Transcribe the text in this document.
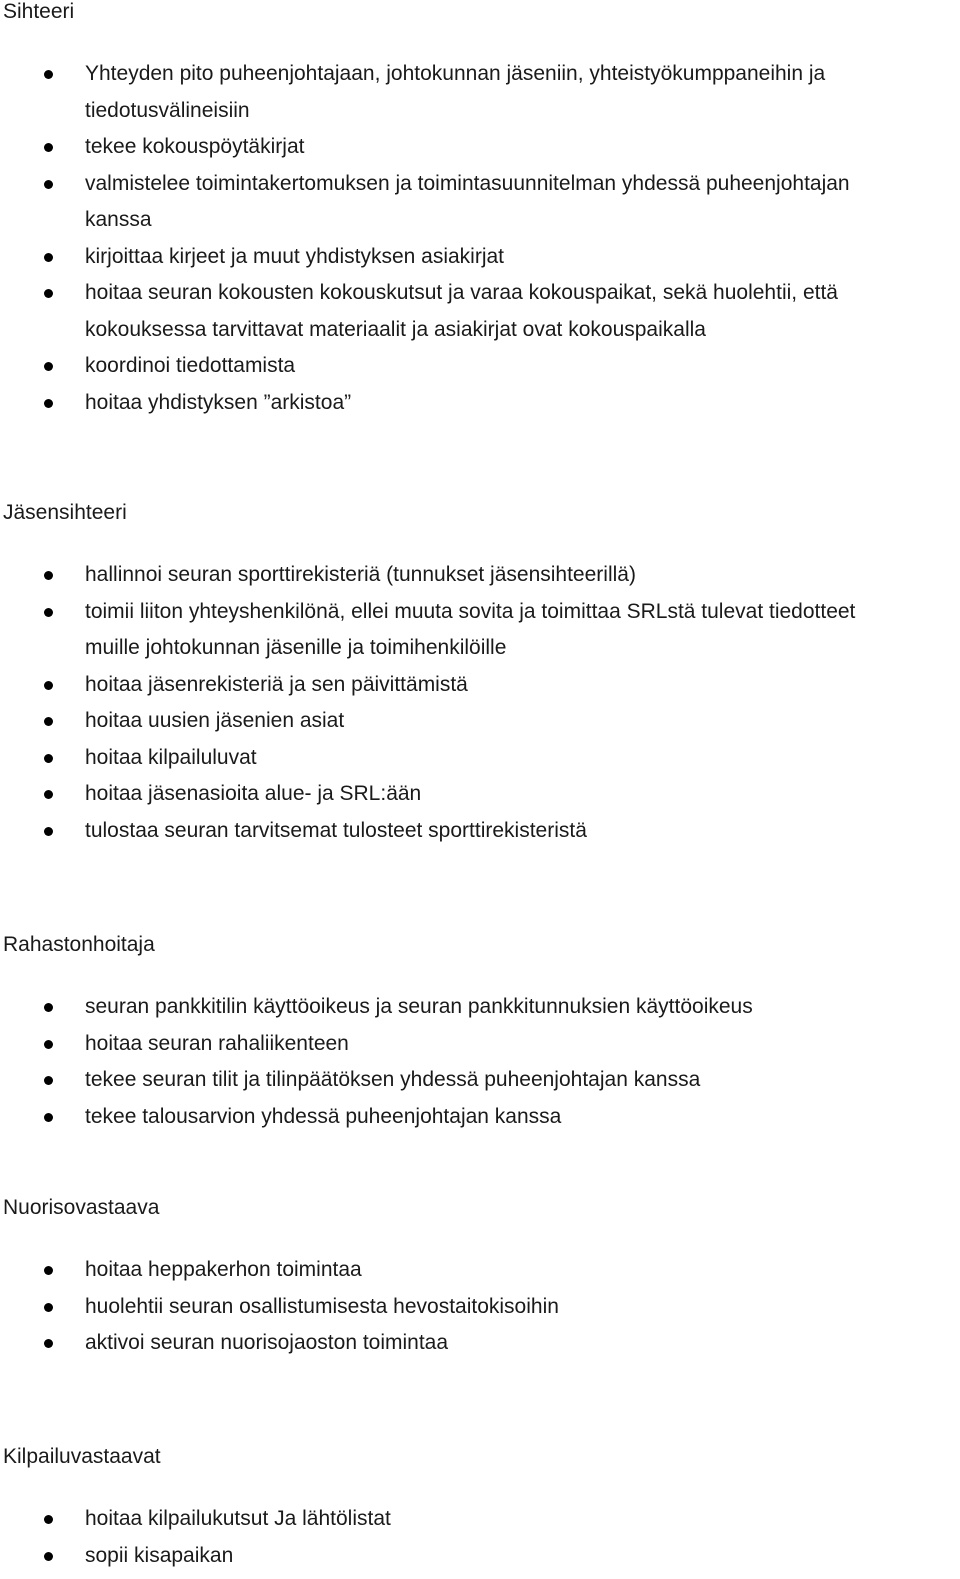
Sihteeri
Yhteyden pito puheenjohtajaan, johtokunnan jäseniin, yhteistyökumppaneihin ja
tiedotusvälineisiin
tekee kokouspöytäkirjat
valmistelee toimintakertomuksen ja toimintasuunnitelman yhdessä puheenjohtajan
kanssa
kirjoittaa kirjeet ja muut yhdistyksen asiakirjat
hoitaa seuran kokousten kokouskutsut ja varaa kokouspaikat, sekä huolehtii, että
kokouksessa tarvittavat materiaalit ja asiakirjat ovat kokouspaikalla
koordinoi tiedottamista
hoitaa yhdistyksen ”arkistoa”
Jäsensihteeri
hallinnoi seuran sporttirekisteriä (tunnukset jäsensihteerillä)
toimii liiton yhteyshenkilönä, ellei muuta sovita ja toimittaa SRLstä tulevat tiedotteet
muille johtokunnan jäsenille ja toimihenkilöille
hoitaa jäsenrekisteriä ja sen päivittämistä
hoitaa uusien jäsenien asiat
hoitaa kilpailuluvat
hoitaa jäsenasioita alue- ja SRL:ään
tulostaa seuran tarvitsemat tulosteet sporttirekisteristä
Rahastonhoitaja
seuran pankkitilin käyttöoikeus ja seuran pankkitunnuksien käyttöoikeus
hoitaa seuran rahaliikenteen
tekee seuran tilit ja tilinpäätöksen yhdessä puheenjohtajan kanssa
tekee talousarvion yhdessä puheenjohtajan kanssa
Nuorisovastaava
hoitaa heppakerhon toimintaa
huolehtii seuran osallistumisesta hevostaitokisoihin
aktivoi seuran nuorisojaoston toimintaa
Kilpailuvastaavat
hoitaa kilpailukutsut Ja lähtölistat
sopii kisapaikan
